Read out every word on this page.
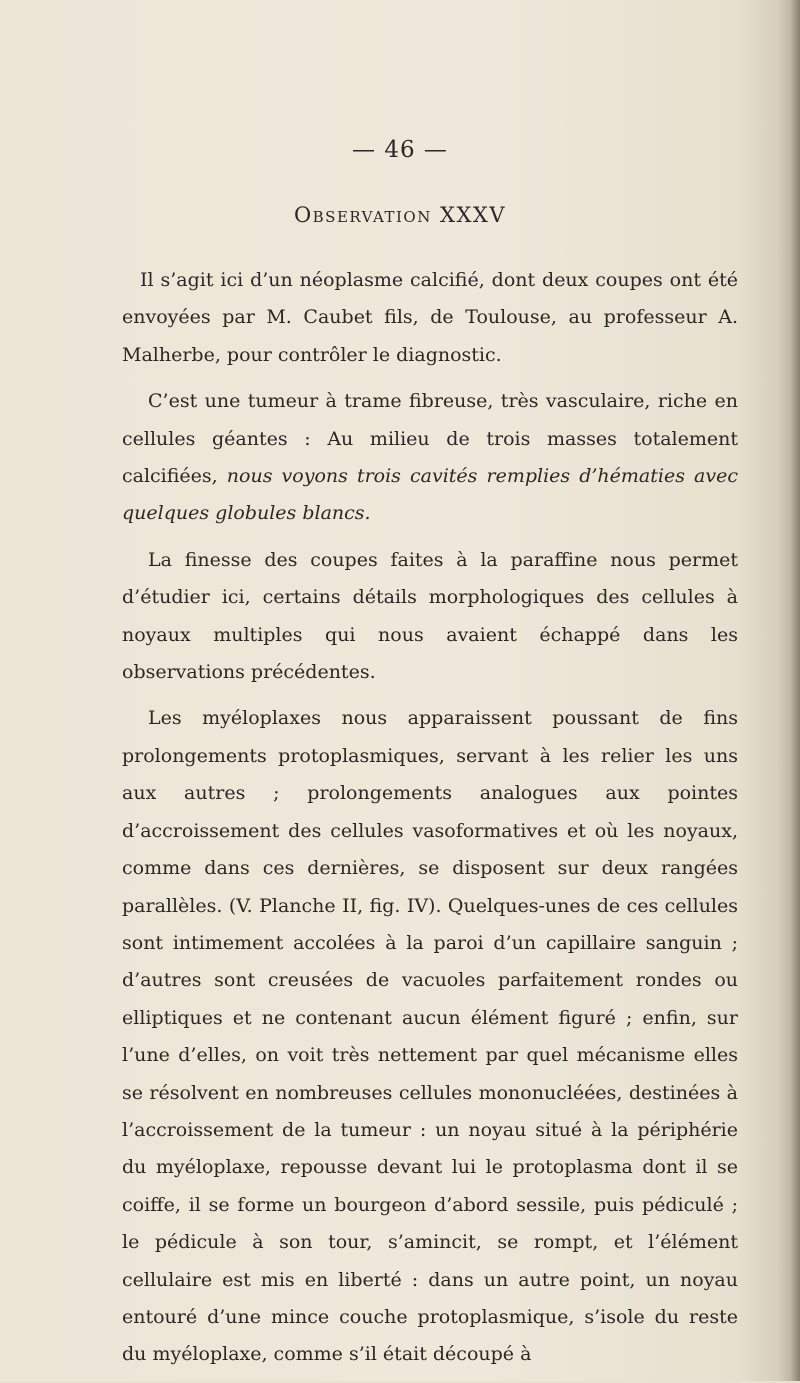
— 46 —
Observation XXXV

Il s’agit ici d’un néoplasme calcifié, dont deux coupes ont été envoyées par M. Caubet fils, de Toulouse, au professeur A. Malherbe, pour contrôler le diagnostic.

C’est une tumeur à trame fibreuse, très vasculaire, riche en cellules géantes : Au milieu de trois masses totalement calcifiées, nous voyons trois cavités remplies d’hématies avec quelques globules blancs.

La finesse des coupes faites à la paraffine nous permet d’étudier ici, certains détails morphologiques des cellules à noyaux multiples qui nous avaient échappé dans les observations précédentes.

Les myéloplaxes nous apparaissent poussant de fins prolongements protoplasmiques, servant à les relier les uns aux autres ; prolongements analogues aux pointes d’accroissement des cellules vasoformatives et où les noyaux, comme dans ces dernières, se disposent sur deux rangées parallèles. (V. Planche II, fig. IV). Quelques-unes de ces cellules sont intimement accolées à la paroi d’un capillaire sanguin ; d’autres sont creusées de vacuoles parfaitement rondes ou elliptiques et ne contenant aucun élément figuré ; enfin, sur l’une d’elles, on voit très nettement par quel mécanisme elles se résolvent en nombreuses cellules mononucléées, destinées à l’accroissement de la tumeur : un noyau situé à la périphérie du myéloplaxe, repousse devant lui le protoplasma dont il se coiffe, il se forme un bourgeon d’abord sessile, puis pédiculé ; le pédicule à son tour, s’amincit, se rompt, et l’élément cellulaire est mis en liberté : dans un autre point, un noyau entouré d’une mince couche protoplasmique, s’isole du reste du myéloplaxe, comme s’il était découpé à
